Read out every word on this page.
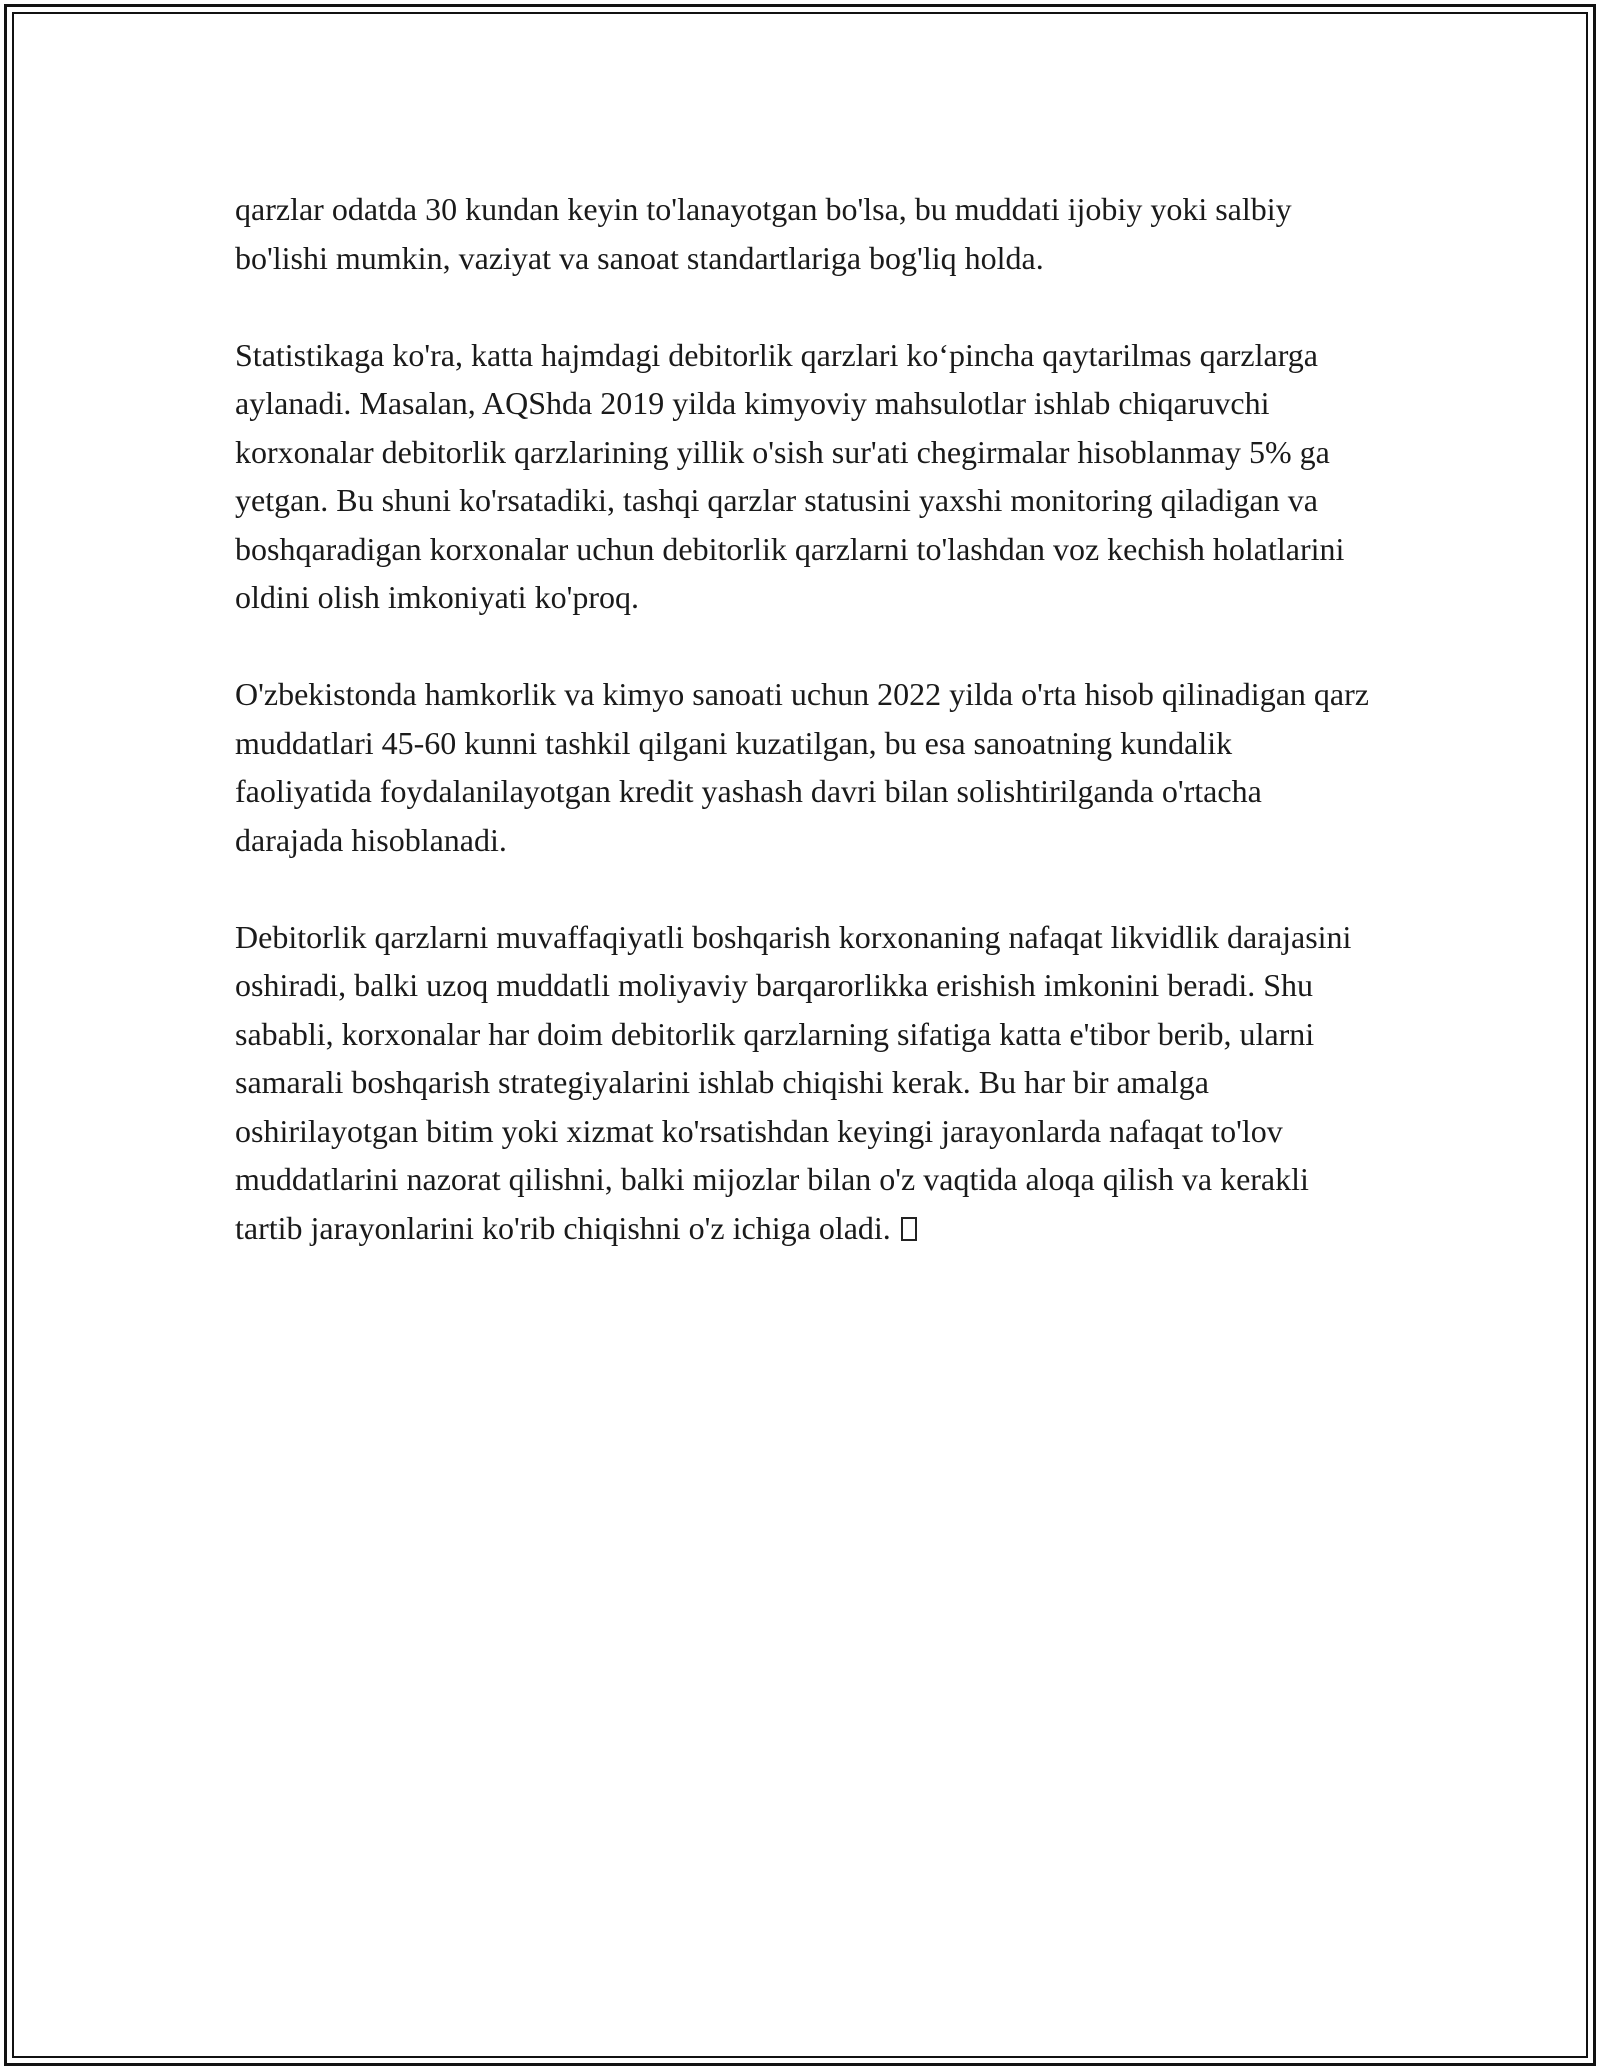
qarzlar odatda 30 kundan keyin to'lanayotgan bo'lsa, bu muddati ijobiy yoki salbiy bo'lishi mumkin, vaziyat va sanoat standartlariga bog'liq holda.

Statistikaga ko'ra, katta hajmdagi debitorlik qarzlari ko‘pincha qaytarilmas qarzlarga aylanadi. Masalan, AQShda 2019 yilda kimyoviy mahsulotlar ishlab chiqaruvchi korxonalar debitorlik qarzlarining yillik o'sish sur'ati chegirmalar hisoblanmay 5% ga yetgan. Bu shuni ko'rsatadiki, tashqi qarzlar statusini yaxshi monitoring qiladigan va boshqaradigan korxonalar uchun debitorlik qarzlarni to'lashdan voz kechish holatlarini oldini olish imkoniyati ko'proq.

O'zbekistonda hamkorlik va kimyo sanoati uchun 2022 yilda o'rta hisob qilinadigan qarz muddatlari 45-60 kunni tashkil qilgani kuzatilgan, bu esa sanoatning kundalik faoliyatida foydalanilayotgan kredit yashash davri bilan solishtirilganda o'rtacha darajada hisoblanadi.

Debitorlik qarzlarni muvaffaqiyatli boshqarish korxonaning nafaqat likvidlik darajasini oshiradi, balki uzoq muddatli moliyaviy barqarorlikka erishish imkonini beradi. Shu sababli, korxonalar har doim debitorlik qarzlarning sifatiga katta e'tibor berib, ularni samarali boshqarish strategiyalarini ishlab chiqishi kerak. Bu har bir amalga oshirilayotgan bitim yoki xizmat ko'rsatishdan keyingi jarayonlarda nafaqat to'lov muddatlarini nazorat qilishni, balki mijozlar bilan o'z vaqtida aloqa qilish va kerakli tartib jarayonlarini ko'rib chiqishni o'z ichiga oladi.
